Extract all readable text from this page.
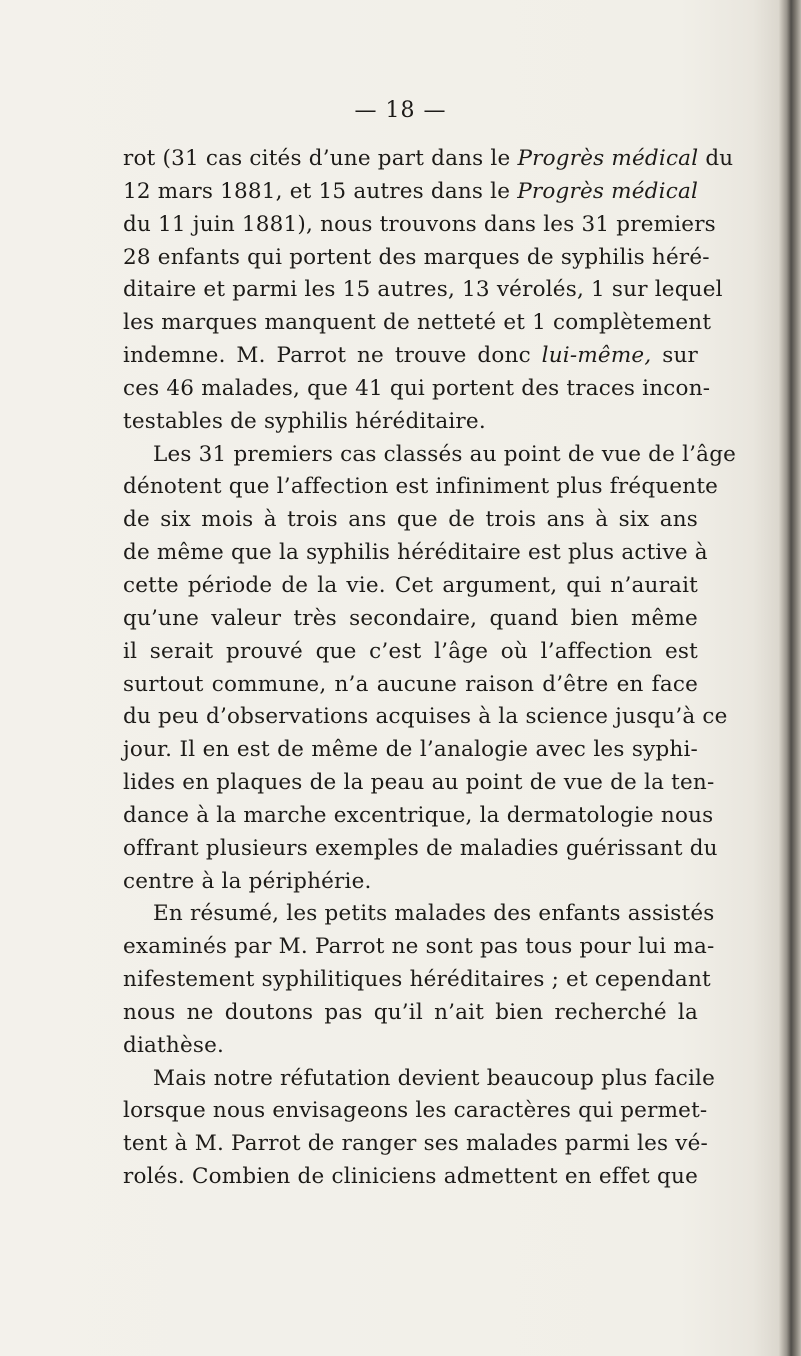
— 18 —
rot (31 cas cités d’une part dans le Progrès médical du
12 mars 1881, et 15 autres dans le Progrès médical
du 11 juin 1881), nous trouvons dans les 31 premiers
28 enfants qui portent des marques de syphilis héré-
ditaire et parmi les 15 autres, 13 vérolés, 1 sur lequel
les marques manquent de netteté et 1 complètement
indemne. M. Parrot ne trouve donc lui-même, sur
ces 46 malades, que 41 qui portent des traces incon-
testables de syphilis héréditaire.
Les 31 premiers cas classés au point de vue de l’âge
dénotent que l’affection est infiniment plus fréquente
de six mois à trois ans que de trois ans à six ans
de même que la syphilis héréditaire est plus active à
cette période de la vie. Cet argument, qui n’aurait
qu’une valeur très secondaire, quand bien même
il serait prouvé que c’est l’âge où l’affection est
surtout commune, n’a aucune raison d’être en face
du peu d’observations acquises à la science jusqu’à ce
jour. Il en est de même de l’analogie avec les syphi-
lides en plaques de la peau au point de vue de la ten-
dance à la marche excentrique, la dermatologie nous
offrant plusieurs exemples de maladies guérissant du
centre à la périphérie.
En résumé, les petits malades des enfants assistés
examinés par M. Parrot ne sont pas tous pour lui ma-
nifestement syphilitiques héréditaires ; et cependant
nous ne doutons pas qu’il n’ait bien recherché la
diathèse.
Mais notre réfutation devient beaucoup plus facile
lorsque nous envisageons les caractères qui permet-
tent à M. Parrot de ranger ses malades parmi les vé-
rolés. Combien de cliniciens admettent en effet que
